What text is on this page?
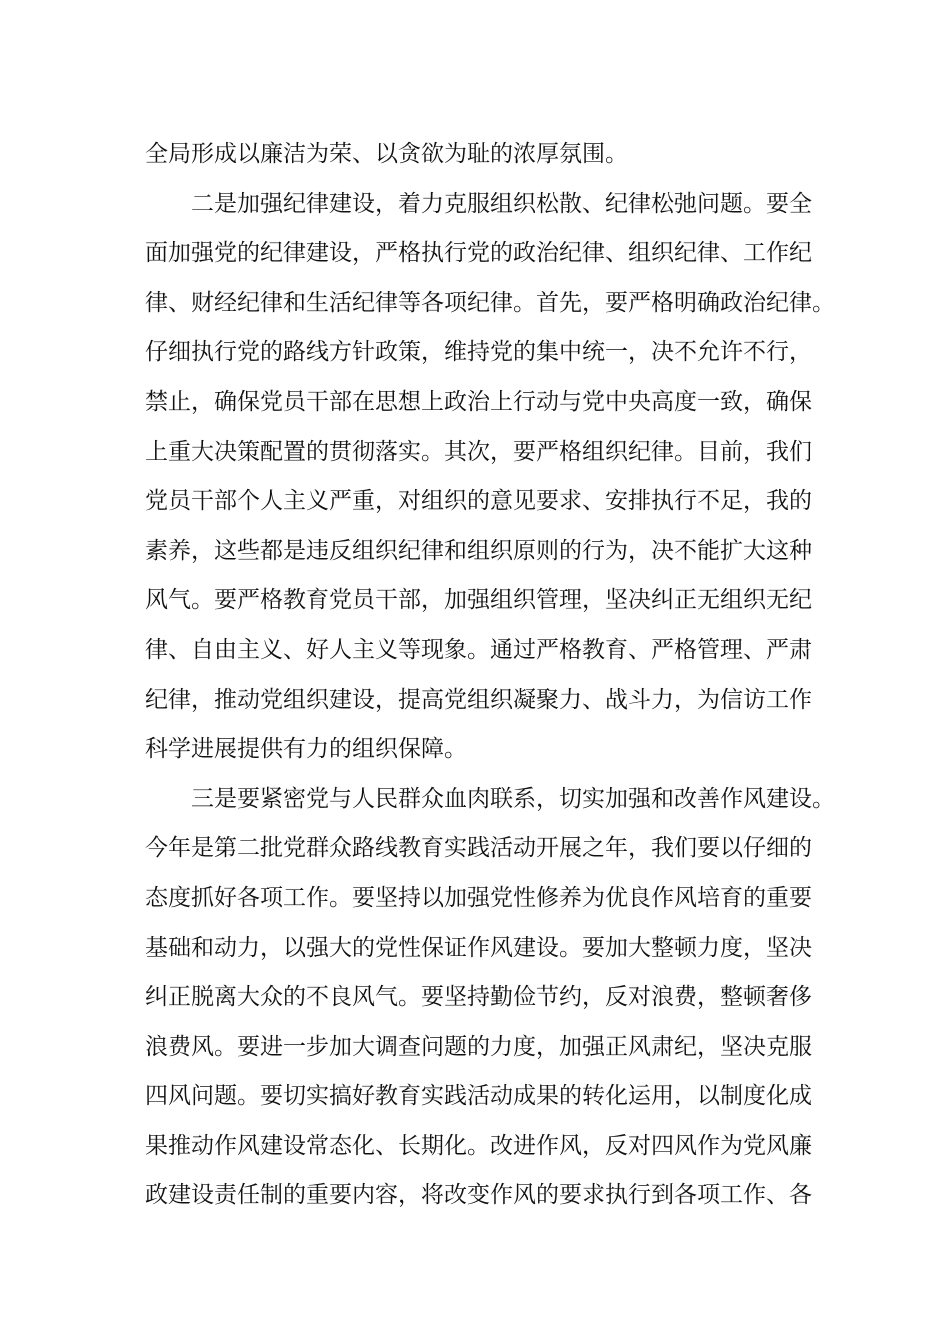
全局形成以廉洁为荣、以贪欲为耻的浓厚氛围。
　　二是加强纪律建设，着力克服组织松散、纪律松弛问题。要全
面加强党的纪律建设，严格执行党的政治纪律、组织纪律、工作纪
律、财经纪律和生活纪律等各项纪律。首先，要严格明确政治纪律。
仔细执行党的路线方针政策，维持党的集中统一，决不允许不行，
禁止，确保党员干部在思想上政治上行动与党中央高度一致，确保
上重大决策配置的贯彻落实。其次，要严格组织纪律。目前，我们
党员干部个人主义严重，对组织的意见要求、安排执行不足，我的
素养，这些都是违反组织纪律和组织原则的行为，决不能扩大这种
风气。要严格教育党员干部，加强组织管理，坚决纠正无组织无纪
律、自由主义、好人主义等现象。通过严格教育、严格管理、严肃
纪律，推动党组织建设，提高党组织凝聚力、战斗力，为信访工作
科学进展提供有力的组织保障。
　　三是要紧密党与人民群众血肉联系，切实加强和改善作风建设。
今年是第二批党群众路线教育实践活动开展之年，我们要以仔细的
态度抓好各项工作。要坚持以加强党性修养为优良作风培育的重要
基础和动力，以强大的党性保证作风建设。要加大整顿力度，坚决
纠正脱离大众的不良风气。要坚持勤俭节约，反对浪费，整顿奢侈
浪费风。要进一步加大调查问题的力度，加强正风肃纪，坚决克服
四风问题。要切实搞好教育实践活动成果的转化运用，以制度化成
果推动作风建设常态化、长期化。改进作风，反对四风作为党风廉
政建设责任制的重要内容，将改变作风的要求执行到各项工作、各
